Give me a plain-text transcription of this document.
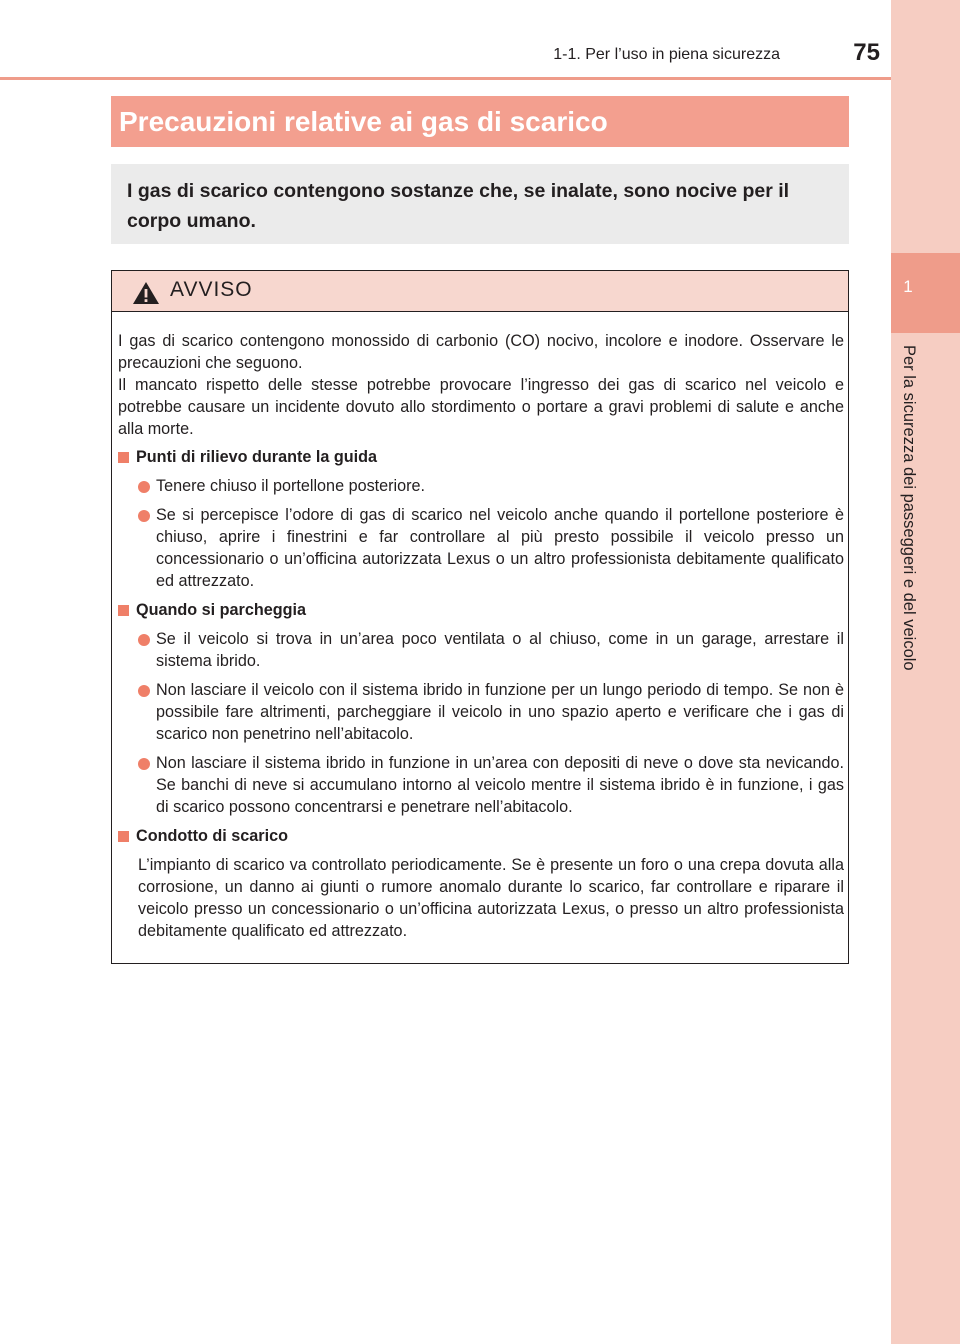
1
Per la sicurezza dei passeggeri e del veicolo
1-1. Per l’uso in piena sicurezza	75
Precauzioni relative ai gas di scarico
I gas di scarico contengono sostanze che, se inalate, sono nocive per il corpo umano.
AVVISO

I gas di scarico contengono monossido di carbonio (CO) nocivo, incolore e inodore. Osservare le precauzioni che seguono.

Il mancato rispetto delle stesse potrebbe provocare l’ingresso dei gas di scarico nel veicolo e potrebbe causare un incidente dovuto allo stordimento o portare a gravi problemi di salute e anche alla morte.

Punti di rilievo durante la guida
Tenere chiuso il portellone posteriore.
Se si percepisce l’odore di gas di scarico nel veicolo anche quando il portellone posteriore è chiuso, aprire i finestrini e far controllare al più presto possibile il veicolo presso un concessionario o un’officina autorizzata Lexus o un altro professionista debitamente qualificato ed attrezzato.
Quando si parcheggia
Se il veicolo si trova in un’area poco ventilata o al chiuso, come in un garage, arrestare il sistema ibrido.
Non lasciare il veicolo con il sistema ibrido in funzione per un lungo periodo di tempo. Se non è possibile fare altrimenti, parcheggiare il veicolo in uno spazio aperto e verificare che i gas di scarico non penetrino nell’abitacolo.
Non lasciare il sistema ibrido in funzione in un’area con depositi di neve o dove sta nevicando. Se banchi di neve si accumulano intorno al veicolo mentre il sistema ibrido è in funzione, i gas di scarico possono concentrarsi e penetrare nell’abitacolo.
Condotto di scarico

L’impianto di scarico va controllato periodicamente. Se è presente un foro o una crepa dovuta alla corrosione, un danno ai giunti o rumore anomalo durante lo scarico, far controllare e riparare il veicolo presso un concessionario o un’officina autorizzata Lexus, o presso un altro professionista debitamente qualificato ed attrezzato.
